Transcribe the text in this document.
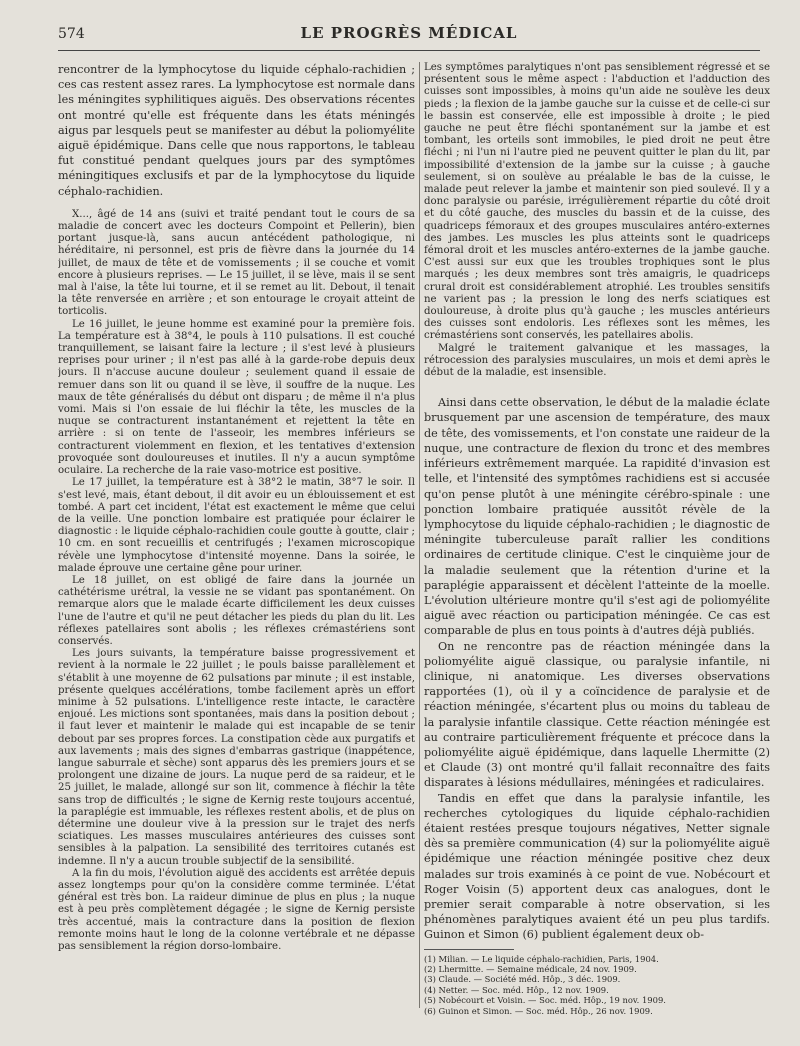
574	LE PROGRÈS MÉDICAL

rencontrer de la lymphocytose du liquide céphalo-rachidien ; ces cas restent assez rares. La lymphocytose est normale dans les méningites syphilitiques aiguës. Des observations récentes ont montré qu'elle est fréquente dans les états méningés aigus par lesquels peut se manifester au début la poliomyélite aiguë épidémique. Dans celle que nous rapportons, le tableau fut constitué pendant quelques jours par des symptômes méningitiques exclusifs et par de la lymphocytose du liquide céphalo-rachidien.

X..., âgé de 14 ans (suivi et traité pendant tout le cours de sa maladie de concert avec les docteurs Compoint et Pellerin), bien portant jusque-là, sans aucun antécédent pathologique, ni héréditaire, ni personnel, est pris de fièvre dans la journée du 14 juillet, de maux de tête et de vomissements ; il se couche et vomit encore à plusieurs reprises. — Le 15 juillet, il se lève, mais il se sent mal à l'aise, la tête lui tourne, et il se remet au lit. Debout, il tenait la tête renversée en arrière ; et son entourage le croyait atteint de torticolis.

Le 16 juillet, le jeune homme est examiné pour la première fois. La température est à 38°4, le pouls à 110 pulsations. Il est couché tranquillement, se laisant faire la lecture ; il s'est levé à plusieurs reprises pour uriner ; il n'est pas allé à la garde-robe depuis deux jours. Il n'accuse aucune douleur ; seulement quand il essaie de remuer dans son lit ou quand il se lève, il souffre de la nuque. Les maux de tête généralisés du début ont disparu ; de même il n'a plus vomi. Mais si l'on essaie de lui fléchir la tête, les muscles de la nuque se contracturent instantanément et rejettent la tête en arrière : si on tente de l'asseoir, les membres inférieurs se contracturent violemment en flexion, et les tentatives d'extension provoquée sont douloureuses et inutiles. Il n'y a aucun symptôme oculaire. La recherche de la raie vaso-motrice est positive.

Le 17 juillet, la température est à 38°2 le matin, 38°7 le soir. Il s'est levé, mais, étant debout, il dit avoir eu un éblouissement et est tombé. A part cet incident, l'état est exactement le même que celui de la veille. Une ponction lombaire est pratiquée pour éclairer le diagnostic : le liquide céphalo-rachidien coule goutte à goutte, clair ; 10 cm. en sont recueillis et centrifugés ; l'examen microscopique révèle une lymphocytose d'intensité moyenne. Dans la soirée, le malade éprouve une certaine gêne pour uriner.

Le 18 juillet, on est obligé de faire dans la journée un cathétérisme urétral, la vessie ne se vidant pas spontanément. On remarque alors que le malade écarte difficilement les deux cuisses l'une de l'autre et qu'il ne peut détacher les pieds du plan du lit. Les réflexes patellaires sont abolis ; les réflexes crémastériens sont conservés.

Les jours suivants, la température baisse progressivement et revient à la normale le 22 juillet ; le pouls baisse parallèlement et s'établit à une moyenne de 62 pulsations par minute ; il est instable, présente quelques accélérations, tombe facilement après un effort minime à 52 pulsations. L'intelligence reste intacte, le caractère enjoué. Les mictions sont spontanées, mais dans la position debout ; il faut lever et maintenir le malade qui est incapable de se tenir debout par ses propres forces. La constipation cède aux purgatifs et aux lavements ; mais des signes d'embarras gastrique (inappétence, langue saburrale et sèche) sont apparus dès les premiers jours et se prolongent une dizaine de jours. La nuque perd de sa raideur, et le 25 juillet, le malade, allongé sur son lit, commence à fléchir la tête sans trop de difficultés ; le signe de Kernig reste toujours accentué, la paraplégie est immuable, les réflexes restent abolis, et de plus on détermine une douleur vive à la pression sur le trajet des nerfs sciatiques. Les masses musculaires antérieures des cuisses sont sensibles à la palpation. La sensibilité des territoires cutanés est indemne. Il n'y a aucun trouble subjectif de la sensibilité.

A la fin du mois, l'évolution aiguë des accidents est arrêtée depuis assez longtemps pour qu'on la considère comme terminée. L'état général est très bon. La raideur diminue de plus en plus ; la nuque est à peu près complètement dégagée ; le signe de Kernig persiste très accentué, mais la contracture dans la position de flexion remonte moins haut le long de la colonne vertébrale et ne dépasse pas sensiblement la région dorso-lombaire.

Les symptômes paralytiques n'ont pas sensiblement régressé et se présentent sous le même aspect : l'abduction et l'adduction des cuisses sont impossibles, à moins qu'un aide ne soulève les deux pieds ; la flexion de la jambe gauche sur la cuisse et de celle-ci sur le bassin est conservée, elle est impossible à droite ; le pied gauche ne peut être fléchi spontanément sur la jambe et est tombant, les orteils sont immobiles, le pied droit ne peut être fléchi ; ni l'un ni l'autre pied ne peuvent quitter le plan du lit, par impossibilité d'extension de la jambe sur la cuisse ; à gauche seulement, si on soulève au préalable le bas de la cuisse, le malade peut relever la jambe et maintenir son pied soulevé. Il y a donc paralysie ou parésie, irrégulièrement répartie du côté droit et du côté gauche, des muscles du bassin et de la cuisse, des quadriceps fémoraux et des groupes musculaires antéro-externes des jambes. Les muscles les plus atteints sont le quadriceps fémoral droit et les muscles antéro-externes de la jambe gauche. C'est aussi sur eux que les troubles trophiques sont le plus marqués ; les deux membres sont très amaigris, le quadriceps crural droit est considérablement atrophié. Les troubles sensitifs ne varient pas ; la pression le long des nerfs sciatiques est douloureuse, à droite plus qu'à gauche ; les muscles antérieurs des cuisses sont endoloris. Les réflexes sont les mêmes, les crémastériens sont conservés, les patellaires abolis.

Malgré le traitement galvanique et les massages, la rétrocession des paralysies musculaires, un mois et demi après le début de la maladie, est insensible.

Ainsi dans cette observation, le début de la maladie éclate brusquement par une ascension de température, des maux de tête, des vomissements, et l'on constate une raideur de la nuque, une contracture de flexion du tronc et des membres inférieurs extrêmement marquée. La rapidité d'invasion est telle, et l'intensité des symptômes rachidiens est si accusée qu'on pense plutôt à une méningite cérébro-spinale : une ponction lombaire pratiquée aussitôt révèle de la lymphocytose du liquide céphalo-rachidien ; le diagnostic de méningite tuberculeuse paraît rallier les conditions ordinaires de certitude clinique. C'est le cinquième jour de la maladie seulement que la rétention d'urine et la paraplégie apparaissent et décèlent l'atteinte de la moelle. L'évolution ultérieure montre qu'il s'est agi de poliomyélite aiguë avec réaction ou participation méningée. Ce cas est comparable de plus en tous points à d'autres déjà publiés.

On ne rencontre pas de réaction méningée dans la poliomyélite aiguë classique, ou paralysie infantile, ni clinique, ni anatomique. Les diverses observations rapportées (1), où il y a coïncidence de paralysie et de réaction méningée, s'écartent plus ou moins du tableau de la paralysie infantile classique. Cette réaction méningée est au contraire particulièrement fréquente et précoce dans la poliomyélite aiguë épidémique, dans laquelle Lhermitte (2) et Claude (3) ont montré qu'il fallait reconnaître des faits disparates à lésions médullaires, méningées et radiculaires.

Tandis en effet que dans la paralysie infantile, les recherches cytologiques du liquide céphalo-rachidien étaient restées presque toujours négatives, Netter signale dès sa première communication (4) sur la poliomyélite aiguë épidémique une réaction méningée positive chez deux malades sur trois examinés à ce point de vue. Nobécourt et Roger Voisin (5) apportent deux cas analogues, dont le premier serait comparable à notre observation, si les phénomènes paralytiques avaient été un peu plus tardifs. Guinon et Simon (6) publient également deux ob-

(1) Milian. — Le liquide céphalo-rachidien, Paris, 1904.
(2) Lhermitte. — Semaine médicale, 24 nov. 1909.
(3) Claude. — Société méd. Hôp., 3 déc. 1909.
(4) Netter. — Soc. méd. Hôp., 12 nov. 1909.
(5) Nobécourt et Voisin. — Soc. méd. Hôp., 19 nov. 1909.
(6) Guinon et Simon. — Soc. méd. Hôp., 26 nov. 1909.
